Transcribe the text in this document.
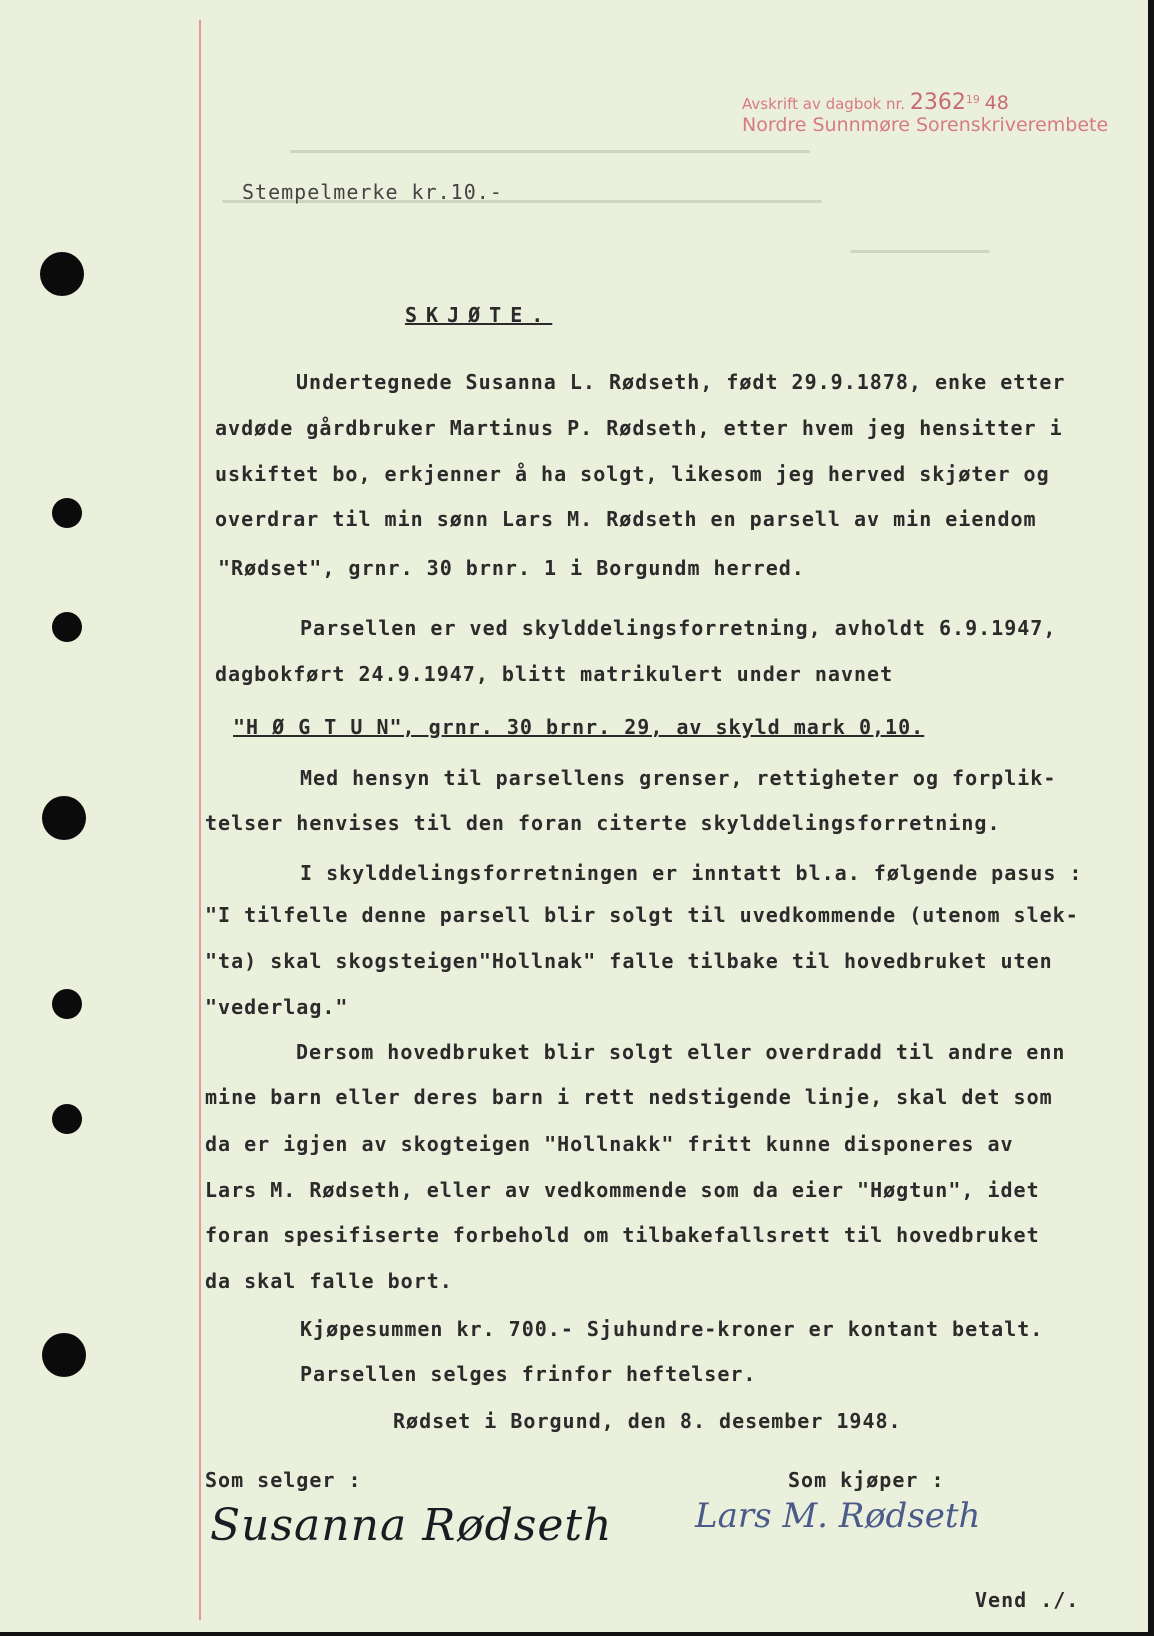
Avskrift av dagbok nr. 2362$^{19}$ 48
Nordre Sunnmøre Sorenskriverembete
Stempelmerke kr.10.-
SKJØTE.
Undertegnede Susanna L. Rødseth, født 29.9.1878, enke etter
avdøde gårdbruker Martinus P. Rødseth, etter hvem jeg hensitter i
uskiftet bo, erkjenner å ha solgt, likesom jeg herved skjøter og
overdrar til min sønn Lars M. Rødseth en parsell av min eiendom
"Rødset", grnr. 30 brnr. 1 i Borgundm herred.
Parsellen er ved skylddelingsforretning, avholdt 6.9.1947,
dagbokført 24.9.1947, blitt matrikulert under navnet
"H Ø G T U N", grnr. 30 brnr. 29, av skyld mark 0,10.
Med hensyn til parsellens grenser, rettigheter og forplik-
telser henvises til den foran citerte skylddelingsforretning.
I skylddelingsforretningen er inntatt bl.a. følgende pasus :
"I tilfelle denne parsell blir solgt til uvedkommende (utenom slek-
"ta) skal skogsteigen"Hollnak" falle tilbake til hovedbruket uten
"vederlag."
Dersom hovedbruket blir solgt eller overdradd til andre enn
mine barn eller deres barn i rett nedstigende linje, skal det som
da er igjen av skogteigen "Hollnakk" fritt kunne disponeres av
Lars M. Rødseth, eller av vedkommende som da eier "Høgtun", idet
foran spesifiserte forbehold om tilbakefallsrett til hovedbruket
da skal falle bort.
Kjøpesummen kr. 700.- Sjuhundre-kroner er kontant betalt.
Parsellen selges frinfor heftelser.
Rødset i Borgund, den 8. desember 1948.
Som selger :	Som kjøper :
Susanna Rødseth Lars M. Rødseth
Vend ./.
